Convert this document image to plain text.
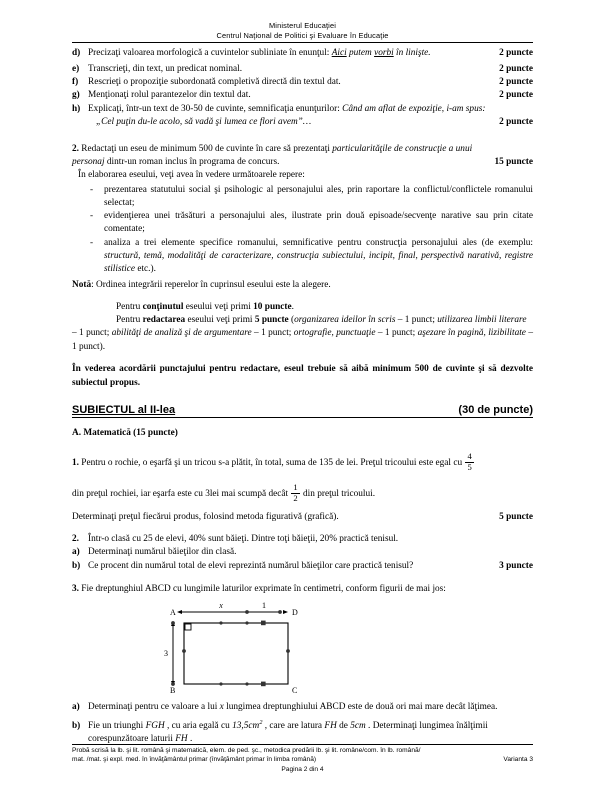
Ministerul Educaţiei
Centrul Naţional de Politici şi Evaluare în Educaţie
d) Precizaţi valoarea morfologică a cuvintelor subliniate în enunţul: Aici putem vorbi în linişte.	2 puncte
e) Transcrieţi, din text, un predicat nominal.	2 puncte
f)	Rescrieţi o propoziţie subordonată completivă directă din textul dat.	2 puncte
g) Menţionaţi rolul parantezelor din textul dat.	2 puncte
h) Explicaţi, într-un text de 30-50 de cuvinte, semnificaţia enunţurilor: Când am aflat de expoziţie, i-am spus:
„Cel puţin du-le acolo, să vadă şi lumea ce flori avem”…	2 puncte
2. Redactaţi un eseu de minimum 500 de cuvinte în care să prezentaţi particularităţile de construcţie a unui
personaj dintr-un roman inclus în programa de concurs.	15 puncte
În elaborarea eseului, veţi avea în vedere următoarele repere:
-	prezentarea statutului social şi psihologic al personajului ales, prin raportare la conflictul/conflictele romanului selectat;
-	evidenţierea unei trăsături a personajului ales, ilustrate prin două episoade/secvenţe narative sau prin citate comentate;
-	analiza a trei elemente specifice romanului, semnificative pentru construcţia personajului ales (de exemplu: structură, temă, modalităţi de caracterizare, construcţia subiectului, incipit, final, perspectivă narativă, registre stilistice etc.).
Notă: Ordinea integrării reperelor în cuprinsul eseului este la alegere.
Pentru conţinutul eseului veţi primi 10 puncte.
Pentru redactarea eseului veţi primi 5 puncte (organizarea ideilor în scris – 1 punct; utilizarea limbii literare
– 1 punct; abilităţi de analiză şi de argumentare – 1 punct; ortografie, punctuaţie – 1 punct; aşezare în pagină, lizibilitate – 1 punct).
În vederea acordării punctajului pentru redactare, eseul trebuie să aibă minimum 500 de cuvinte şi să dezvolte subiectul propus.
SUBIECTUL al II-lea	(30 de puncte)
A. Matematică (15 puncte)
1. Pentru o rochie, o eşarfă şi un tricou s-a plătit, în total, suma de 135 de lei. Preţul tricoului este egal cu $\frac{4}{5}$
din preţul rochiei, iar eşarfa este cu 3lei mai scumpă decât $\frac{1}{2}$ din preţul tricoului.
Determinaţi preţul fiecărui produs, folosind metoda figurativă (grafică).	5 puncte
2. Într-o clasă cu 25 de elevi, 40% sunt băieţi. Dintre toţi băieţii, 20% practică tenisul.
a) Determinaţi numărul băieţilor din clasă.
b) Ce procent din numărul total de elevi reprezintă numărul băieţilor care practică tenisul?	3 puncte
3. Fie dreptunghiul ABCD cu lungimile laturilor exprimate în centimetri, conform figurii de mai jos:
x	1
A	D
3
B	C
a) Determinaţi pentru ce valoare a lui x lungimea dreptunghiului ABCD este de două ori mai mare decât lăţimea.
b) Fie un triunghi FGH , cu aria egală cu $13,5cm^2$ , care are latura FH de 5cm . Determinaţi lungimea înălţimii corespunzătoare laturii FH .
Probă scrisă la lb. şi lit. română şi matematică, elem. de ped. şc., metodica predării lb. şi lit. române/com. în lb. română/
mat. /mat. şi expl. med. în învăţământul primar (învăţământ primar în limba română)	Varianta 3
Pagina 2 din 4
